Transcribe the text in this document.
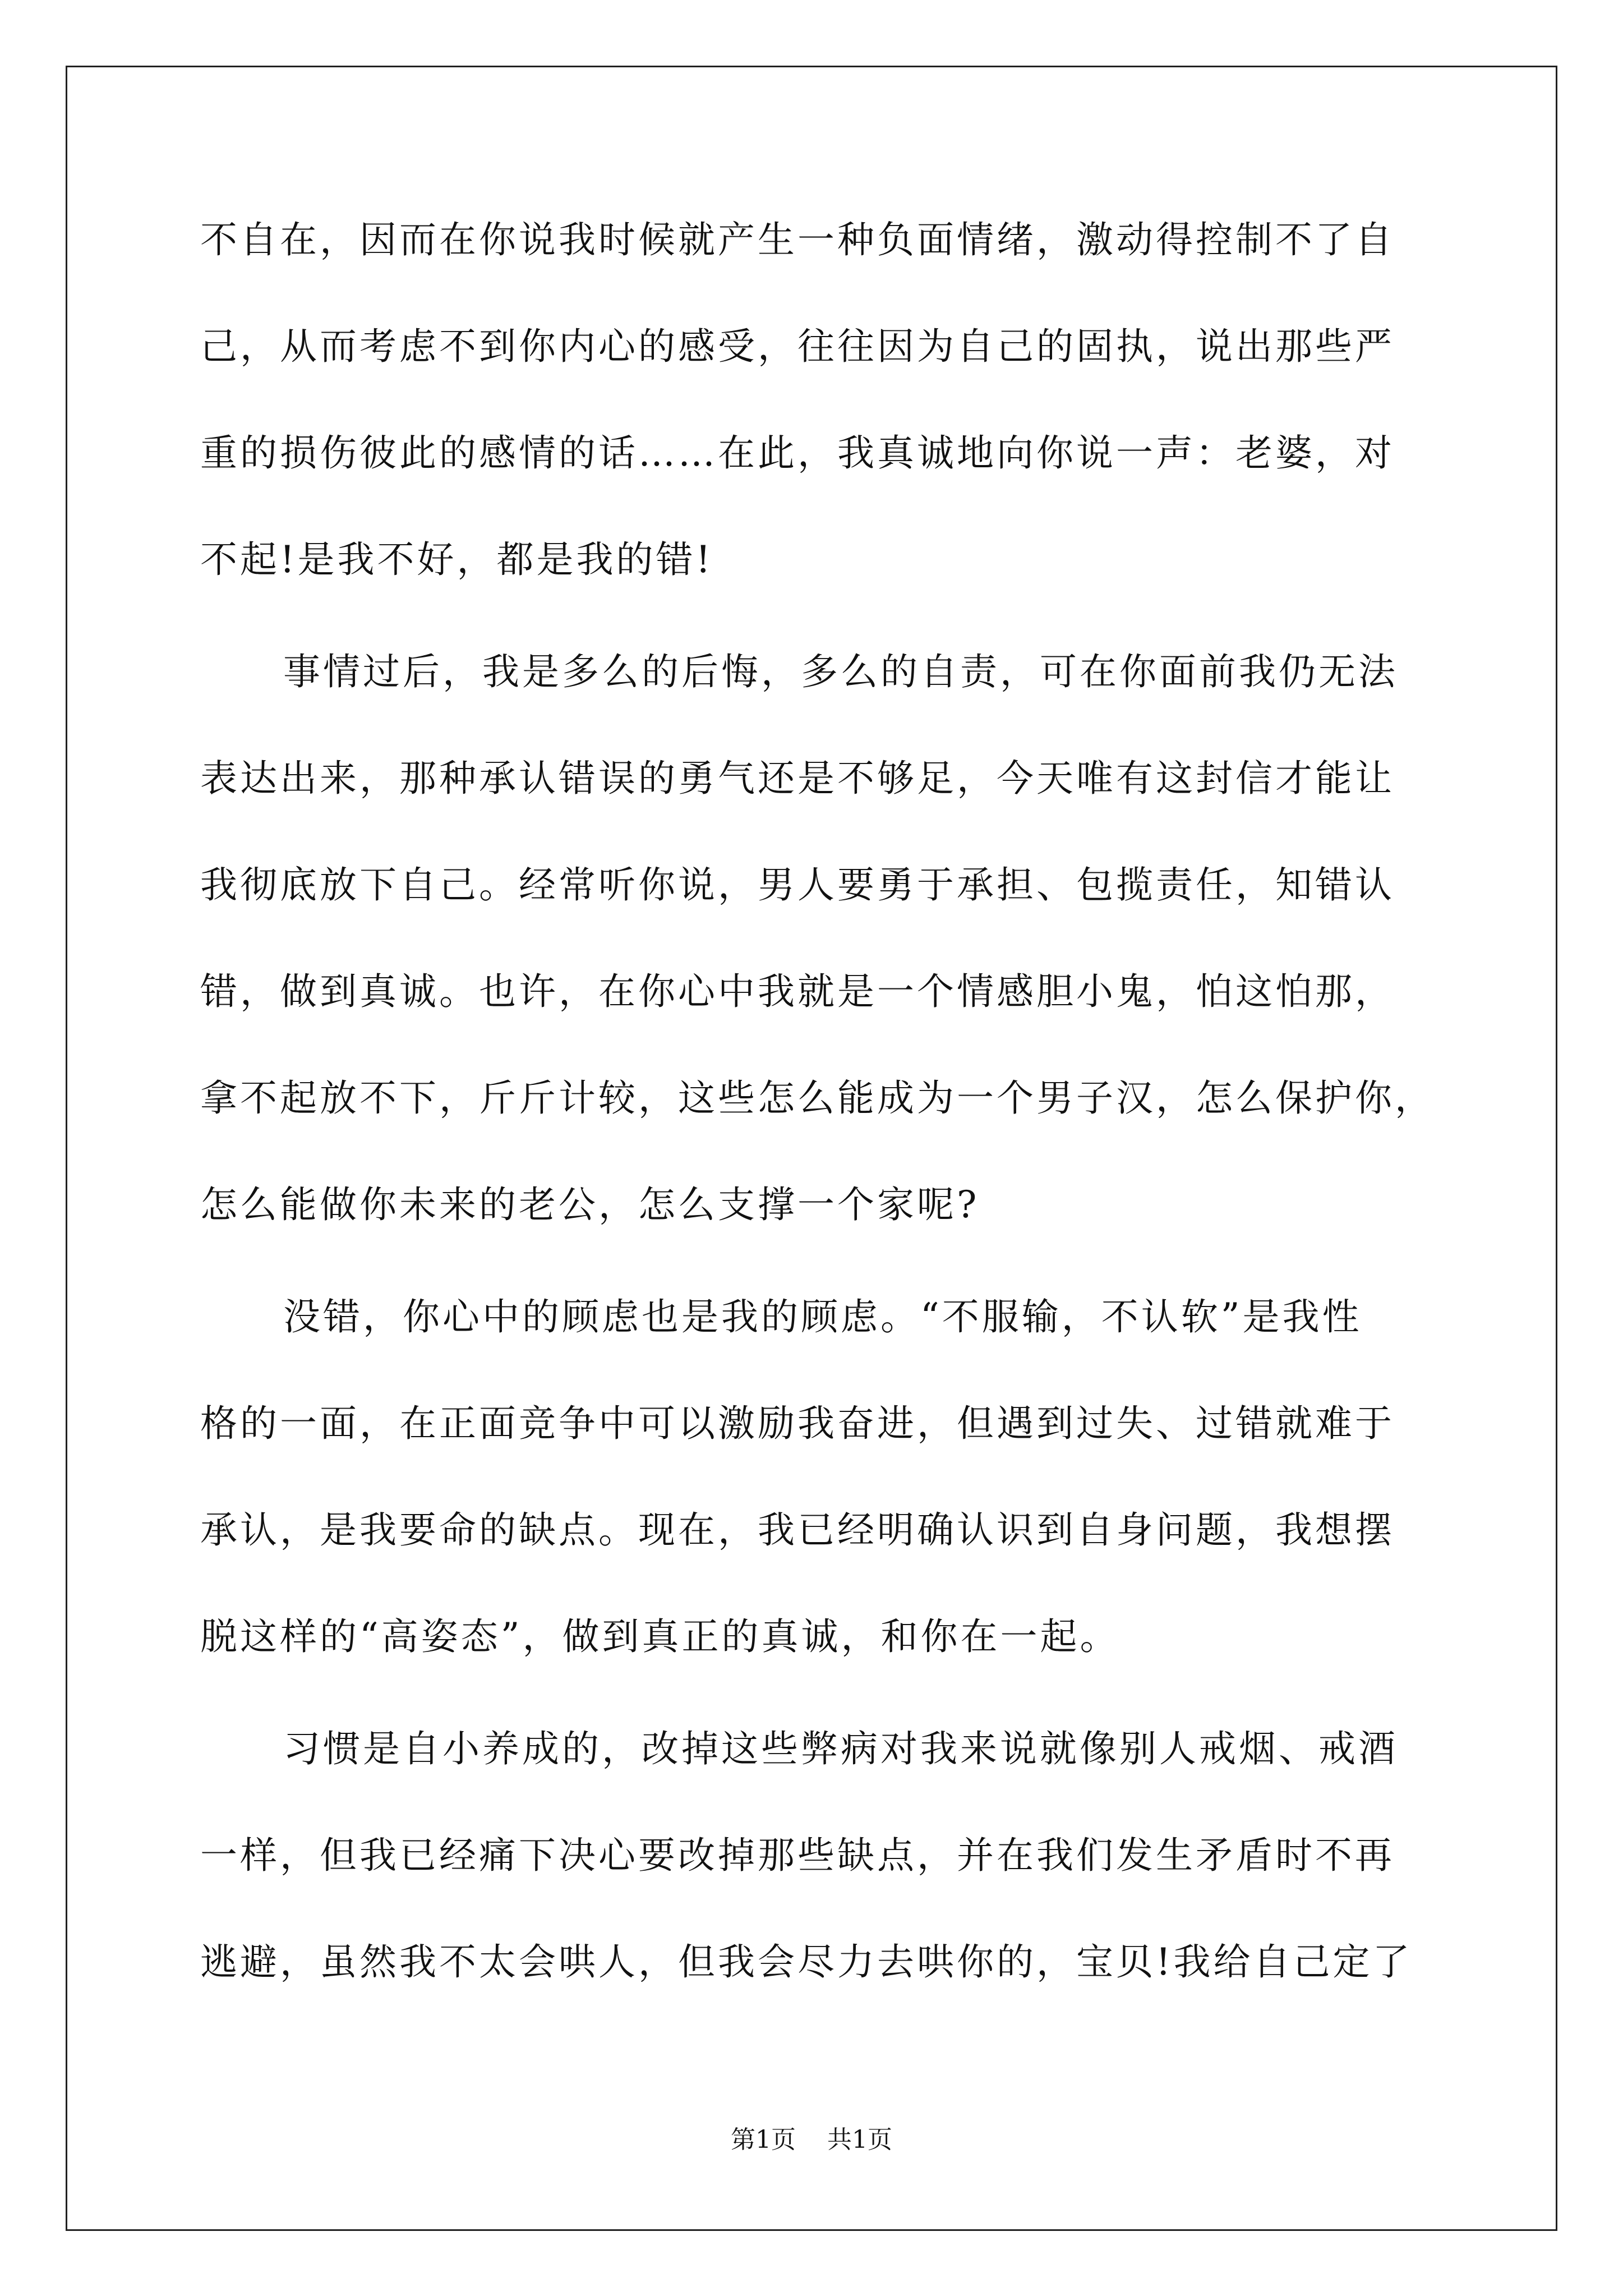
不自在，因而在你说我时候就产生一种负面情绪，激动得控制不了自
己，从而考虑不到你内心的感受，往往因为自己的固执，说出那些严
重的损伤彼此的感情的话……在此，我真诚地向你说一声：老婆，对
不起!是我不好，都是我的错!
事情过后，我是多么的后悔，多么的自责，可在你面前我仍无法
表达出来，那种承认错误的勇气还是不够足，今天唯有这封信才能让
我彻底放下自己。经常听你说，男人要勇于承担、包揽责任，知错认
错，做到真诚。也许，在你心中我就是一个情感胆小鬼，怕这怕那，
拿不起放不下，斤斤计较，这些怎么能成为一个男子汉，怎么保护你，
怎么能做你未来的老公，怎么支撑一个家呢?
没错，你心中的顾虑也是我的顾虑。“不服输，不认软”是我性
格的一面，在正面竞争中可以激励我奋进，但遇到过失、过错就难于
承认，是我要命的缺点。现在，我已经明确认识到自身问题，我想摆
脱这样的“高姿态”，做到真正的真诚，和你在一起。
习惯是自小养成的，改掉这些弊病对我来说就像别人戒烟、戒酒
一样，但我已经痛下决心要改掉那些缺点，并在我们发生矛盾时不再
逃避，虽然我不太会哄人，但我会尽力去哄你的，宝贝!我给自己定了
第1页 共1页
